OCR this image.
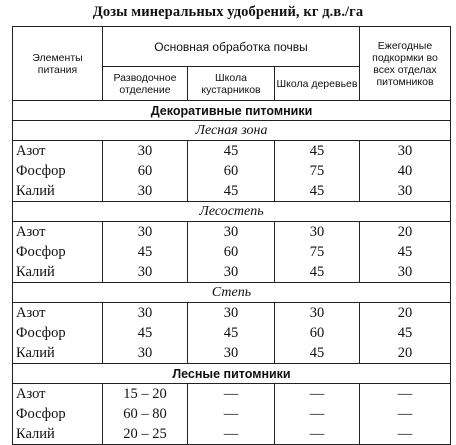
Дозы минеральных удобрений, кг д.в./га
Элементы питания	Основная обработка почвы			Ежегодные подкормки во всех отделах питомников
	Разводочное отделение	Школа кустарников	Школа деревьев	
Декоративные питомники				
Лесная зона				
Азот	30	45	45	30
Фосфор	60	60	75	40
Калий	30	45	45	30
Лесостепь				
Азот	30	30	30	20
Фосфор	45	60	75	45
Калий	30	30	45	30
Степь				
Азот	30	30	30	20
Фосфор	45	45	60	45
Калий	30	30	45	20
Лесные питомники				
Азот	15 – 20	—	—	—
Фосфор	60 – 80	—	—	—
Калий	20 – 25	—	—	—
